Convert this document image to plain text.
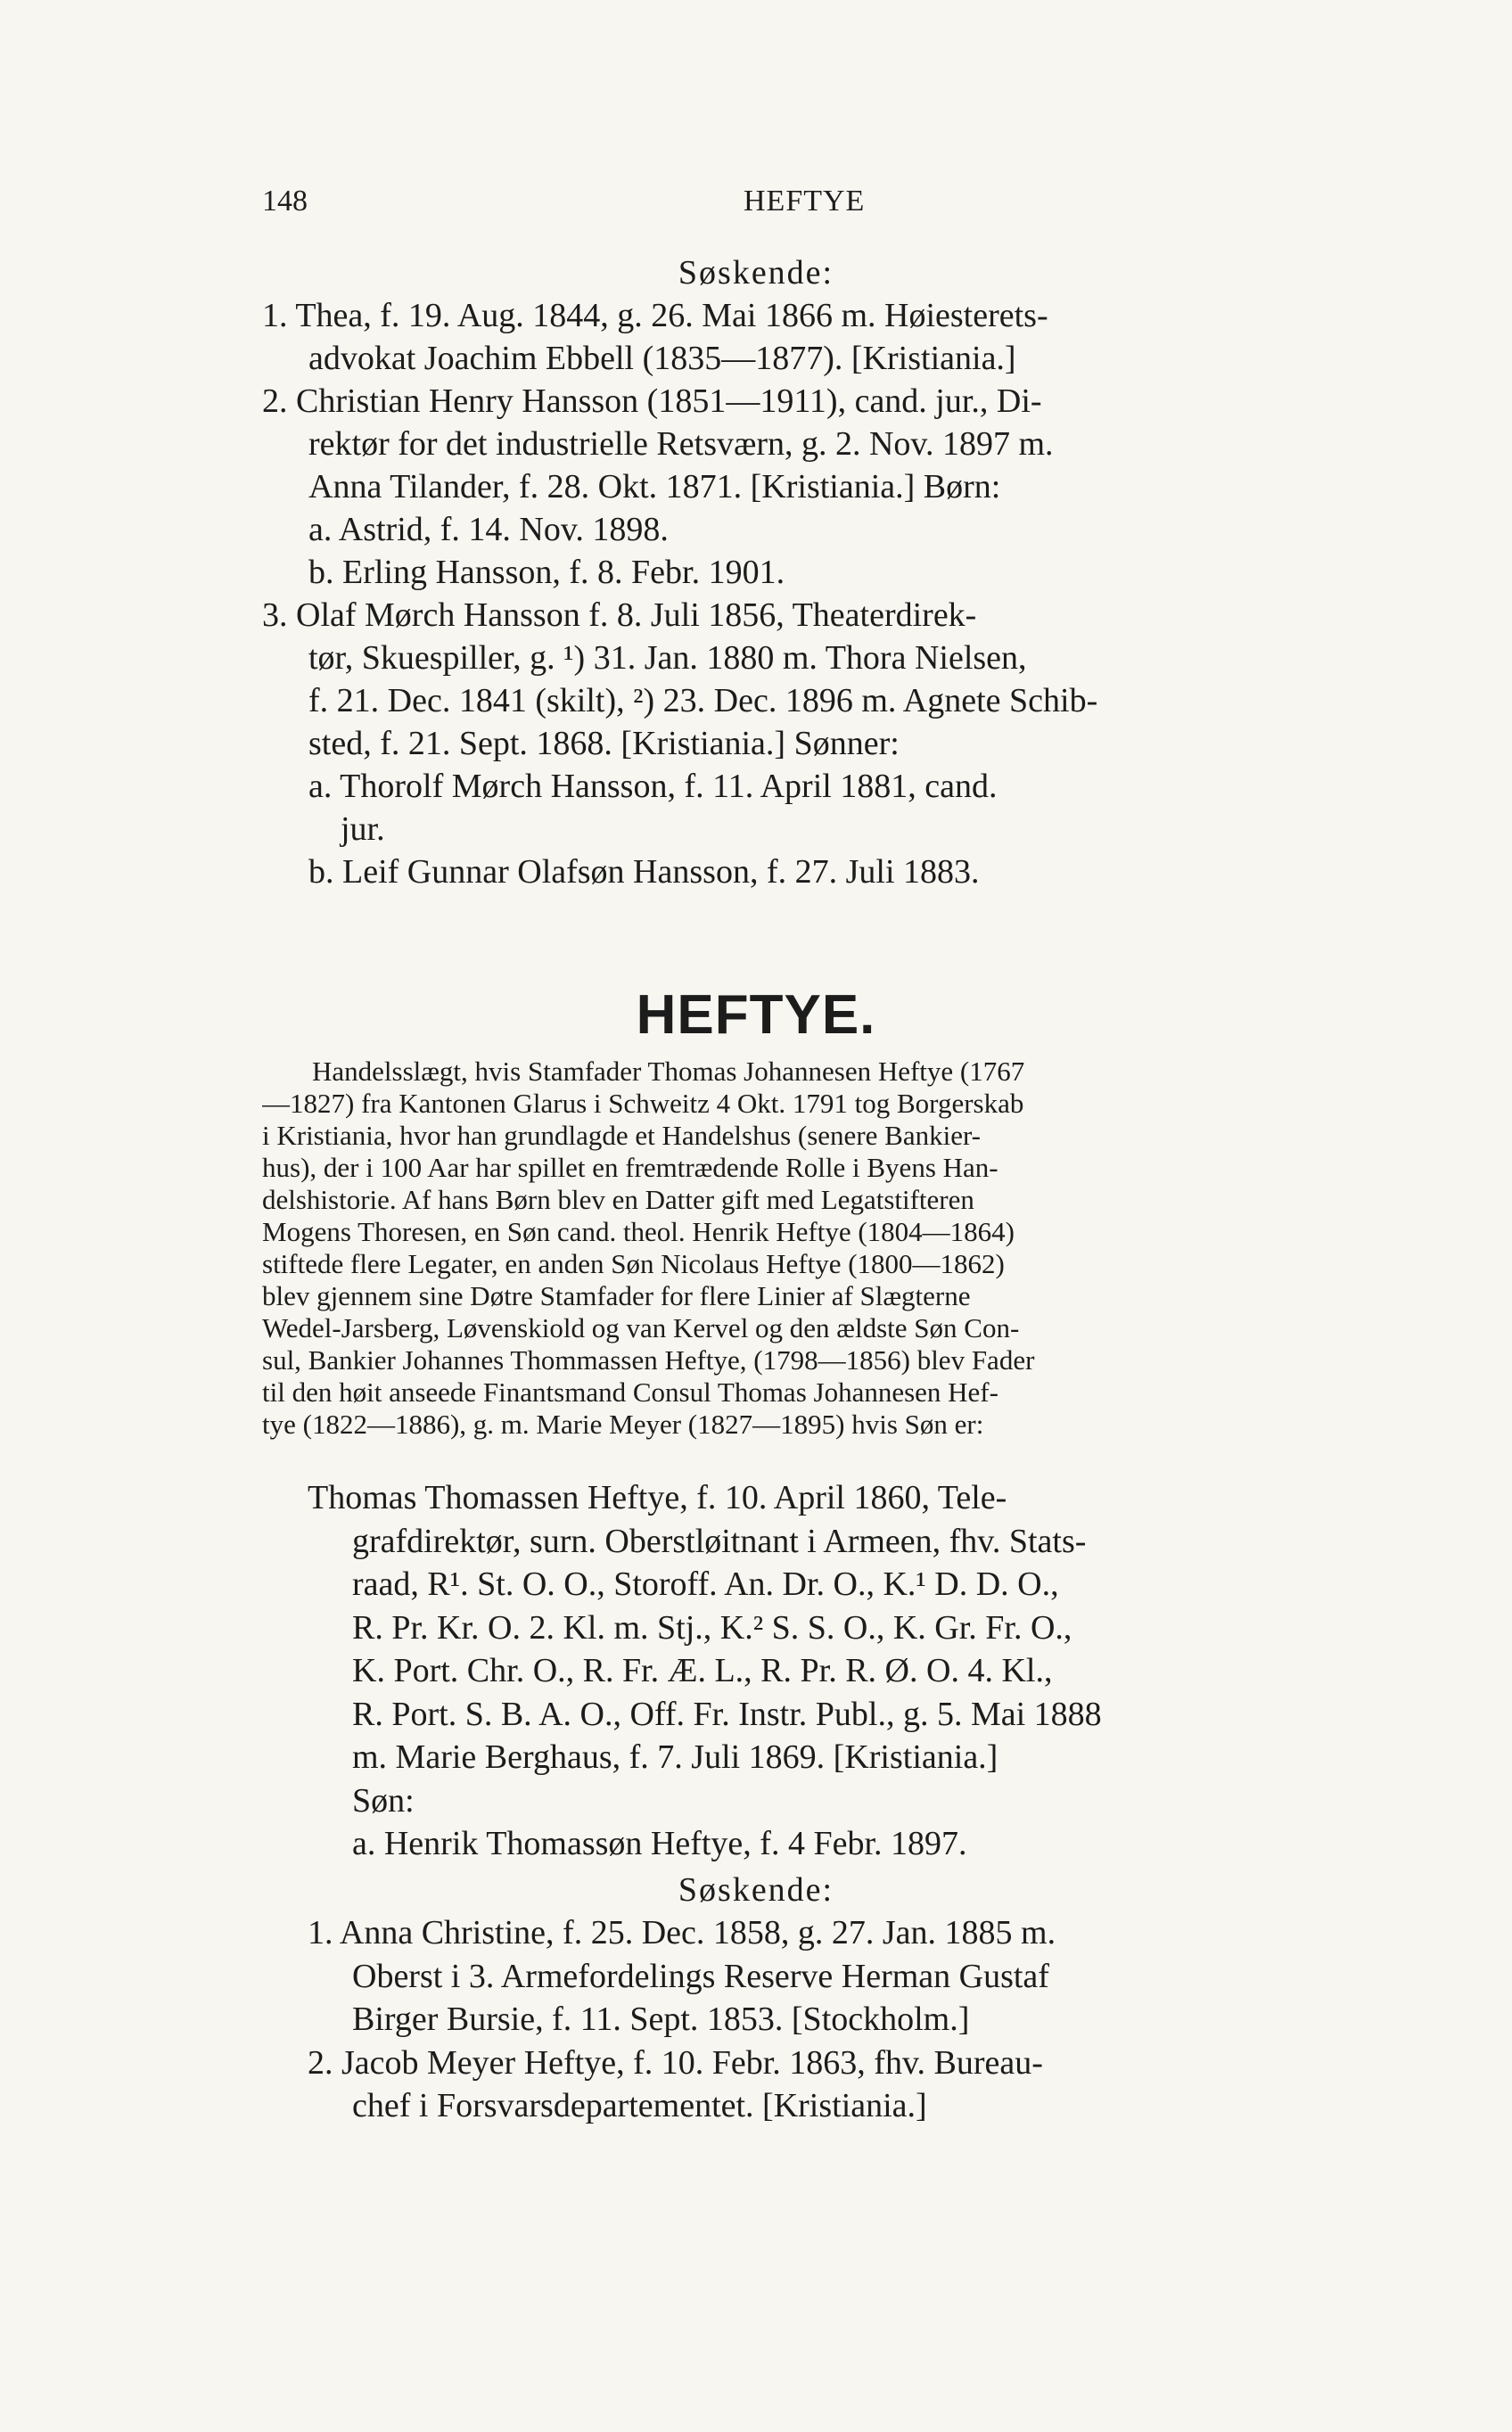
148	HEFTYE
Søskende:
1. Thea, f. 19. Aug. 1844, g. 26. Mai 1866 m. Høiesterets-
advokat Joachim Ebbell (1835—1877). [Kristiania.]
2. Christian Henry Hansson (1851—1911), cand. jur., Di-
rektør for det industrielle Retsværn, g. 2. Nov. 1897 m.
Anna Tilander, f. 28. Okt. 1871. [Kristiania.] Børn:
a. Astrid, f. 14. Nov. 1898.
b. Erling Hansson, f. 8. Febr. 1901.
3. Olaf Mørch Hansson f. 8. Juli 1856, Theaterdirek-
tør, Skuespiller, g. ¹) 31. Jan. 1880 m. Thora Nielsen,
f. 21. Dec. 1841 (skilt), ²) 23. Dec. 1896 m. Agnete Schib-
sted, f. 21. Sept. 1868. [Kristiania.] Sønner:
a. Thorolf Mørch Hansson, f. 11. April 1881, cand.
jur.
b. Leif Gunnar Olafsøn Hansson, f. 27. Juli 1883.
HEFTYE.
Handelsslægt, hvis Stamfader Thomas Johannesen Heftye (1767
—1827) fra Kantonen Glarus i Schweitz 4 Okt. 1791 tog Borgerskab
i Kristiania, hvor han grundlagde et Handelshus (senere Bankier-
hus), der i 100 Aar har spillet en fremtrædende Rolle i Byens Han-
delshistorie. Af hans Børn blev en Datter gift med Legatstifteren
Mogens Thoresen, en Søn cand. theol. Henrik Heftye (1804—1864)
stiftede flere Legater, en anden Søn Nicolaus Heftye (1800—1862)
blev gjennem sine Døtre Stamfader for flere Linier af Slægterne
Wedel-Jarsberg, Løvenskiold og van Kervel og den ældste Søn Con-
sul, Bankier Johannes Thommassen Heftye, (1798—1856) blev Fader
til den høit anseede Finantsmand Consul Thomas Johannesen Hef-
tye (1822—1886), g. m. Marie Meyer (1827—1895) hvis Søn er:
Thomas Thomassen Heftye, f. 10. April 1860, Tele-
grafdirektør, surn. Oberstløitnant i Armeen, fhv. Stats-
raad, R¹. St. O. O., Storoff. An. Dr. O., K.¹ D. D. O.,
R. Pr. Kr. O. 2. Kl. m. Stj., K.² S. S. O., K. Gr. Fr. O.,
K. Port. Chr. O., R. Fr. Æ. L., R. Pr. R. Ø. O. 4. Kl.,
R. Port. S. B. A. O., Off. Fr. Instr. Publ., g. 5. Mai 1888
m. Marie Berghaus, f. 7. Juli 1869. [Kristiania.]
Søn:
a. Henrik Thomassøn Heftye, f. 4 Febr. 1897.
Søskende:
1. Anna Christine, f. 25. Dec. 1858, g. 27. Jan. 1885 m.
Oberst i 3. Armefordelings Reserve Herman Gustaf
Birger Bursie, f. 11. Sept. 1853. [Stockholm.]
2. Jacob Meyer Heftye, f. 10. Febr. 1863, fhv. Bureau-
chef i Forsvarsdepartementet. [Kristiania.]
